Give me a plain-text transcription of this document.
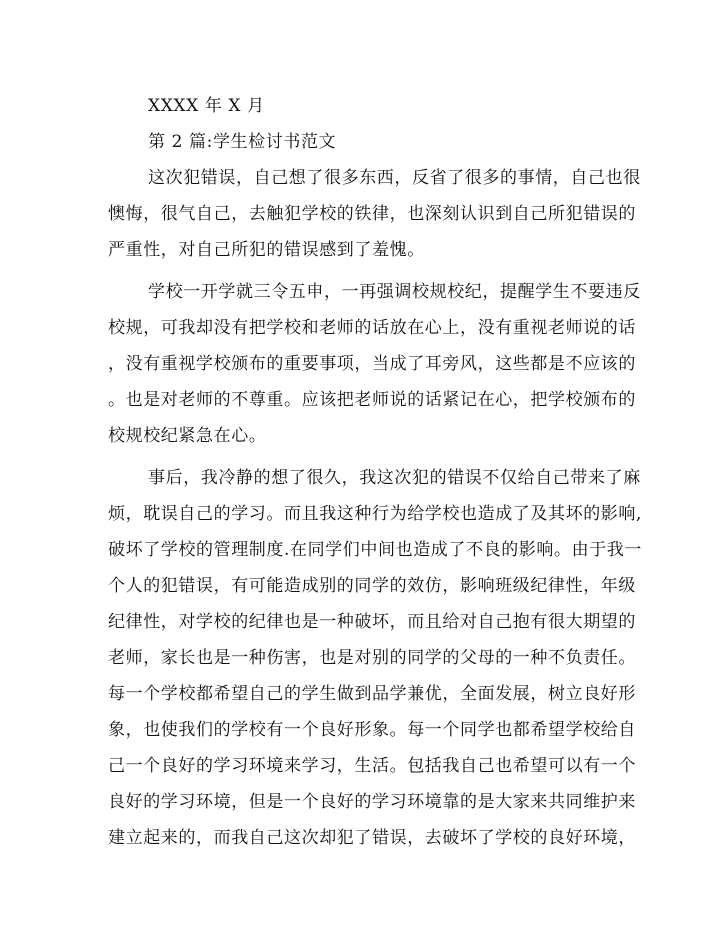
XXXX 年 X 月
第 2 篇:学生检讨书范文
这次犯错误，自己想了很多东西，反省了很多的事情，自己也很
懊悔，很气自己，去触犯学校的铁律，也深刻认识到自己所犯错误的
严重性，对自己所犯的错误感到了羞愧。
学校一开学就三令五申，一再强调校规校纪，提醒学生不要违反
校规，可我却没有把学校和老师的话放在心上，没有重视老师说的话
，没有重视学校颁布的重要事项，当成了耳旁风，这些都是不应该的
。也是对老师的不尊重。应该把老师说的话紧记在心，把学校颁布的
校规校纪紧急在心。
事后，我冷静的想了很久，我这次犯的错误不仅给自己带来了麻
烦，耽误自己的学习。而且我这种行为给学校也造成了及其坏的影响,
破坏了学校的管理制度.在同学们中间也造成了不良的影响。由于我一
个人的犯错误，有可能造成别的同学的效仿，影响班级纪律性，年级
纪律性，对学校的纪律也是一种破坏，而且给对自己抱有很大期望的
老师，家长也是一种伤害，也是对别的同学的父母的一种不负责任。
每一个学校都希望自己的学生做到品学兼优，全面发展，树立良好形
象，也使我们的学校有一个良好形象。每一个同学也都希望学校给自
己一个良好的学习环境来学习，生活。包括我自己也希望可以有一个
良好的学习环境，但是一个良好的学习环境靠的是大家来共同维护来
建立起来的，而我自己这次却犯了错误，去破坏了学校的良好环境，
